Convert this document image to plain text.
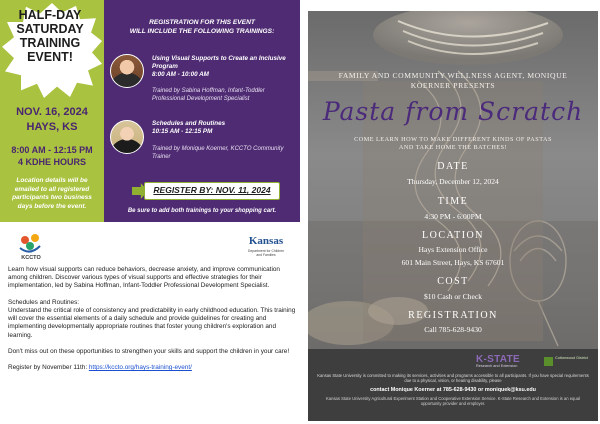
HALF-DAY
SATURDAY
TRAINING
EVENT!
NOV. 16, 2024
HAYS, KS
8:00 AM - 12:15 PM
4 KDHE HOURS
Location details will be emailed to all registered participants two business days before the event.
REGISTRATION FOR THIS EVENT
WILL INCLUDE THE FOLLOWING TRAININGS:
Using Visual Supports to Create an Inclusive Program
8:00 AM - 10:00 AM
Trained by Sabina Hoffman, Infant-Toddler Professional Development Specialist
Schedules and Routines
10:15 AM - 12:15 PM
Trained by Monique Koerner, KCCTO Community Trainer
REGISTER BY: NOV. 11, 2024
Be sure to add both trainings to your shopping cart.
KCCTO
Kansas
Department for Children and Families

Learn how visual supports can reduce behaviors, decrease anxiety, and improve communication among children. Discover various types of visual supports and effective strategies for their implementation, led by Sabina Hoffman, Infant-Toddler Professional Development Specialist.

Schedules and Routines:
Understand the critical role of consistency and predictability in early childhood education. This training will cover the essential elements of a daily schedule and provide guidelines for creating and implementing developmentally appropriate routines that foster young children's exploration and learning.

Don't miss out on these opportunities to strengthen your skills and support the children in your care!

Register by November 11th: https://kccto.org/hays-training-event/

FAMILY AND COMMUNITY WELLNESS AGENT, MONIQUE KOERNER PRESENTS
Pasta from Scratch
COME LEARN HOW TO MAKE DIFFERENT KINDS OF PASTAS AND TAKE HOME THE BATCHES!
DATE
Thursday, December 12, 2024
TIME
4:30 PM - 6:00PM
LOCATION
Hays Extension Office
601 Main Street, Hays, KS 67601
COST
$10 Cash or Check
REGISTRATION
Call 785-628-9430
K-STATE
Research and Extension
Cottonwood District
Kansas State University is committed to making its services, activities and programs accessible to all participants. If you have special requirements due to a physical, vision, or hearing disability, please
contact Monique Koerner at 785-628-9430 or moniquek@ksu.edu
Kansas State University Agricultural Experiment Station and Cooperative Extension Service. K-State Research and Extension is an equal opportunity provider and employer.
